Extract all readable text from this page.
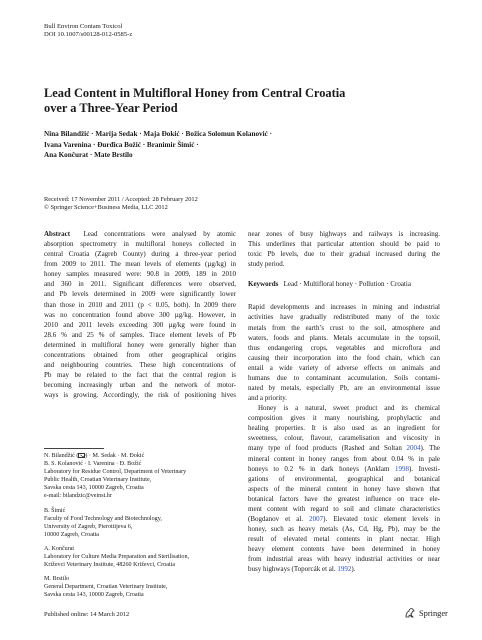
Bull Environ Contam Toxicol
DOI 10.1007/s00128-012-0585-z
Lead Content in Multifloral Honey from Central Croatia
over a Three-Year Period
Nina Bilandžić · Marija Sedak · Maja Đokić · Božica Solomun Kolanović ·
Ivana Varenina · Đurđica Božić · Branimir Šimić ·
Ana Končurat · Mate Brstilo
Received: 17 November 2011 / Accepted: 28 February 2012
© Springer Science+Business Media, LLC 2012
Abstract Lead concentrations were analysed by atomic
absorption spectrometry in multifloral honeys collected in
central Croatia (Zagreb County) during a three-year period
from 2009 to 2011. The mean levels of elements (µg/kg) in
honey samples measured were: 90.8 in 2009, 189 in 2010
and 360 in 2011. Significant differences were observed,
and Pb levels determined in 2009 were significantly lower
than those in 2010 and 2011 (p < 0.05, both). In 2009 there
was no concentration found above 300 µg/kg. However, in
2010 and 2011 levels exceeding 300 µg/kg were found in
28.6 % and 25 % of samples. Trace element levels of Pb
determined in multifloral honey were generally higher than
concentrations obtained from other geographical origins
and neighbouring countries. These high concentrations of
Pb may be related to the fact that the central region is
becoming increasingly urban and the network of motor-
ways is growing. Accordingly, the risk of positioning hives
N. Bilandžić ( ) · M. Sedak · M. Đokić
B. S. Kolanović · I. Varenina · Đ. Božić
Laboratory for Residue Control, Department of Veterinary
Public Health, Croatian Veterinary Institute,
Savska cesta 143, 10000 Zagreb, Croatia
e-mail: bilandzic@veinst.hr
B. Šimić
Faculty of Food Technology and Biotechnology,
University of Zagreb, Pierottijeva 6,
10000 Zagreb, Croatia
A. Končurat
Laboratory for Culture Media Preparation and Sterilisation,
Križevci Veterinary Institute, 48260 Križevci, Croatia
M. Brstilo
General Department, Croatian Veterinary Institute,
Savska cesta 143, 10000 Zagreb, Croatia
near zones of busy highways and railways is increasing.
This underlines that particular attention should be paid to
toxic Pb levels, due to their gradual increased during the
study period.
Keywords Lead · Multifloral honey · Pollution · Croatia
Rapid developments and increases in mining and industrial
activities have gradually redistributed many of the toxic
metals from the earth’s crust to the soil, atmosphere and
waters, foods and plants. Metals accumulate in the topsoil,
thus endangering crops, vegetables and microflora and
causing their incorporation into the food chain, which can
entail a wide variety of adverse effects on animals and
humans due to contaminant accumulation. Soils contami-
nated by metals, especially Pb, are an environmental issue
and a priority.
Honey is a natural, sweet product and its chemical
composition gives it many nourishing, prophylactic and
healing properties. It is also used as an ingredient for
sweetness, colour, flavour, caramelisation and viscosity in
many type of food products (Rashed and Soltan 2004). The
mineral content in honey ranges from about 0.04 % in pale
honeys to 0.2 % in dark honeys (Anklam 1998). Investi-
gations of environmental, geographical and botanical
aspects of the mineral content in honey have shown that
botanical factors have the greatest influence on trace ele-
ment content with regard to soil and climate characteristics
(Bogdanov et al. 2007). Elevated toxic element levels in
honey, such as heavy metals (As, Cd, Hg, Pb), may be the
result of elevated metal contents in plant nectar. High
heavy element contents have been determined in honey
from industrial areas with heavy industrial activities or near
busy highways (Toporcák et al. 1992).
Published online: 14 March 2012	Springer
